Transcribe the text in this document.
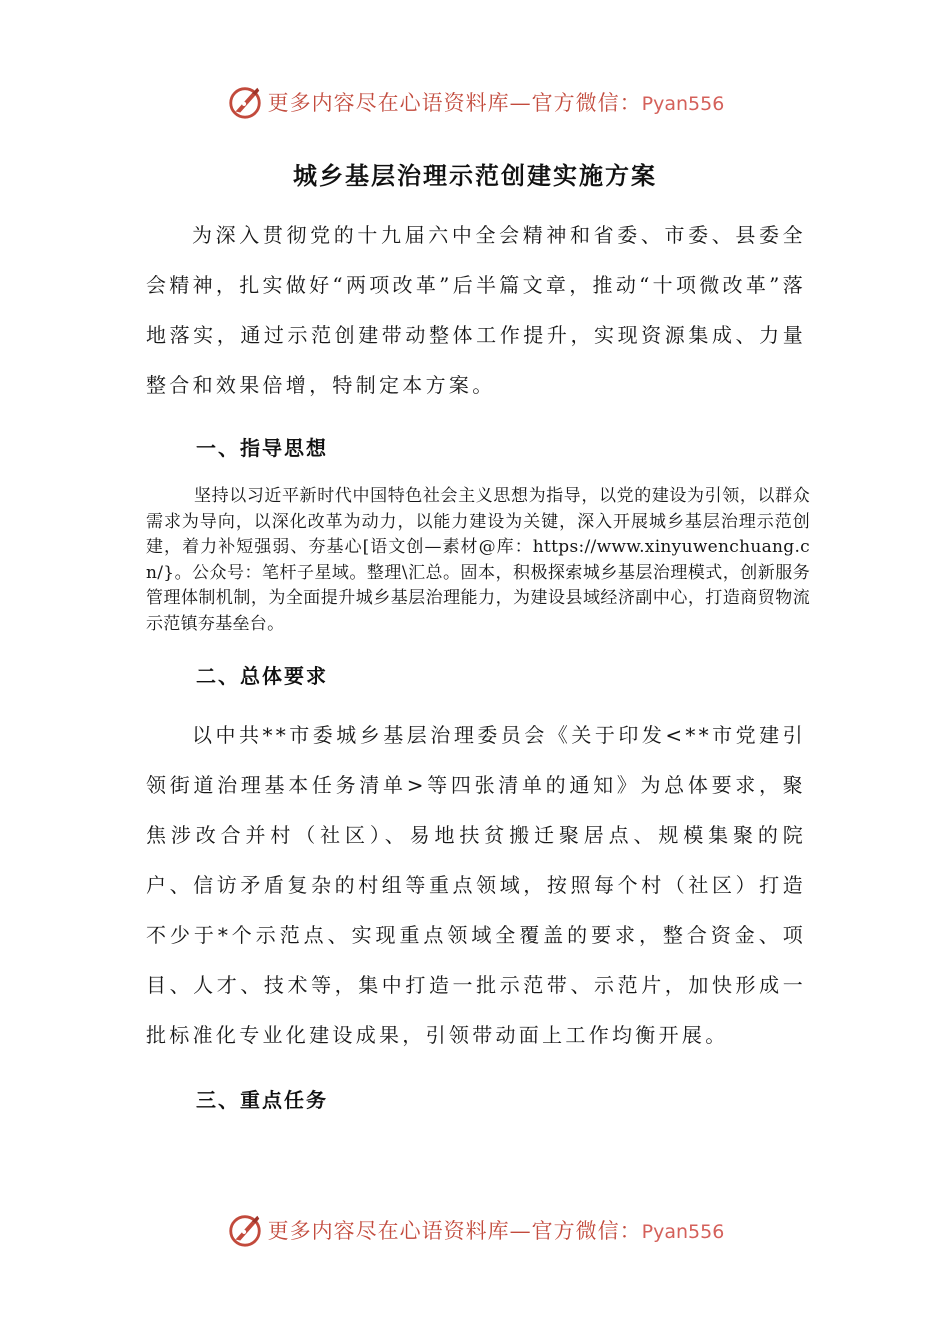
更多内容尽在心语资料库—官方微信：Pyan556
城乡基层治理示范创建实施方案

为深入贯彻党的十九届六中全会精神和省委、市委、县委全会精神，扎实做好“两项改革”后半篇文章，推动“十项微改革”落地落实，通过示范创建带动整体工作提升，实现资源集成、力量整合和效果倍增，特制定本方案。

一、指导思想

坚持以习近平新时代中国特色社会主义思想为指导，以党的建设为引领，以群众需求为导向，以深化改革为动力，以能力建设为关键，深入开展城乡基层治理示范创建，着力补短强弱、夯基心[语文创—素材@库：https://www.xinyuwenchuang.cn/}。公众号：笔杆子星域。整理\汇总。固本，积极探索城乡基层治理模式，创新服务管理体制机制，为全面提升城乡基层治理能力，为建设县域经济副中心，打造商贸物流示范镇夯基垒台。

二、总体要求

以中共**市委城乡基层治理委员会《关于印发<**市党建引领街道治理基本任务清单>等四张清单的通知》为总体要求，聚焦涉改合并村（社区）、易地扶贫搬迁聚居点、规模集聚的院户、信访矛盾复杂的村组等重点领域，按照每个村（社区）打造不少于*个示范点、实现重点领域全覆盖的要求，整合资金、项目、人才、技术等，集中打造一批示范带、示范片，加快形成一批标准化专业化建设成果，引领带动面上工作均衡开展。

三、重点任务
更多内容尽在心语资料库—官方微信：Pyan556
